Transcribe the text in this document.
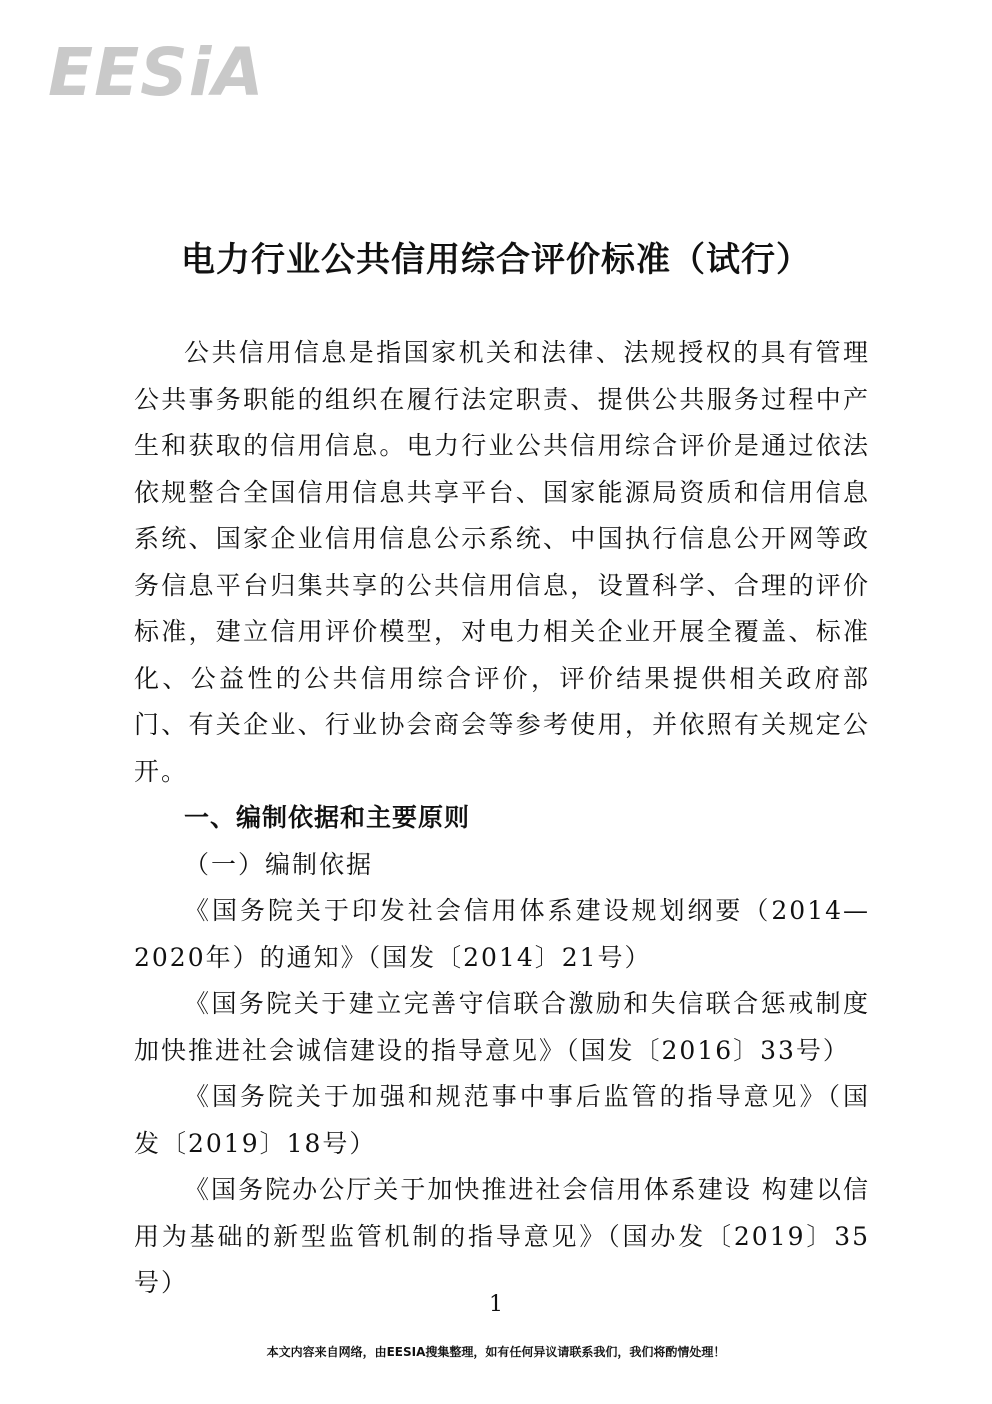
EESiA
电力行业公共信用综合评价标准（试行）

公共信用信息是指国家机关和法律、法规授权的具有管理公共事务职能的组织在履行法定职责、提供公共服务过程中产生和获取的信用信息。电力行业公共信用综合评价是通过依法依规整合全国信用信息共享平台、国家能源局资质和信用信息系统、国家企业信用信息公示系统、中国执行信息公开网等政务信息平台归集共享的公共信用信息，设置科学、合理的评价标准，建立信用评价模型，对电力相关企业开展全覆盖、标准化、公益性的公共信用综合评价，评价结果提供相关政府部门、有关企业、行业协会商会等参考使用，并依照有关规定公开。

一、编制依据和主要原则

（一）编制依据

《国务院关于印发社会信用体系建设规划纲要（2014—2020年）的通知》（国发〔2014〕21号）

《国务院关于建立完善守信联合激励和失信联合惩戒制度加快推进社会诚信建设的指导意见》（国发〔2016〕33号）

《国务院关于加强和规范事中事后监管的指导意见》（国发〔2019〕18号）

《国务院办公厅关于加快推进社会信用体系建设 构建以信用为基础的新型监管机制的指导意见》（国办发〔2019〕35号）

1
本文内容来自网络，由EESIA搜集整理，如有任何异议请联系我们，我们将酌情处理！
